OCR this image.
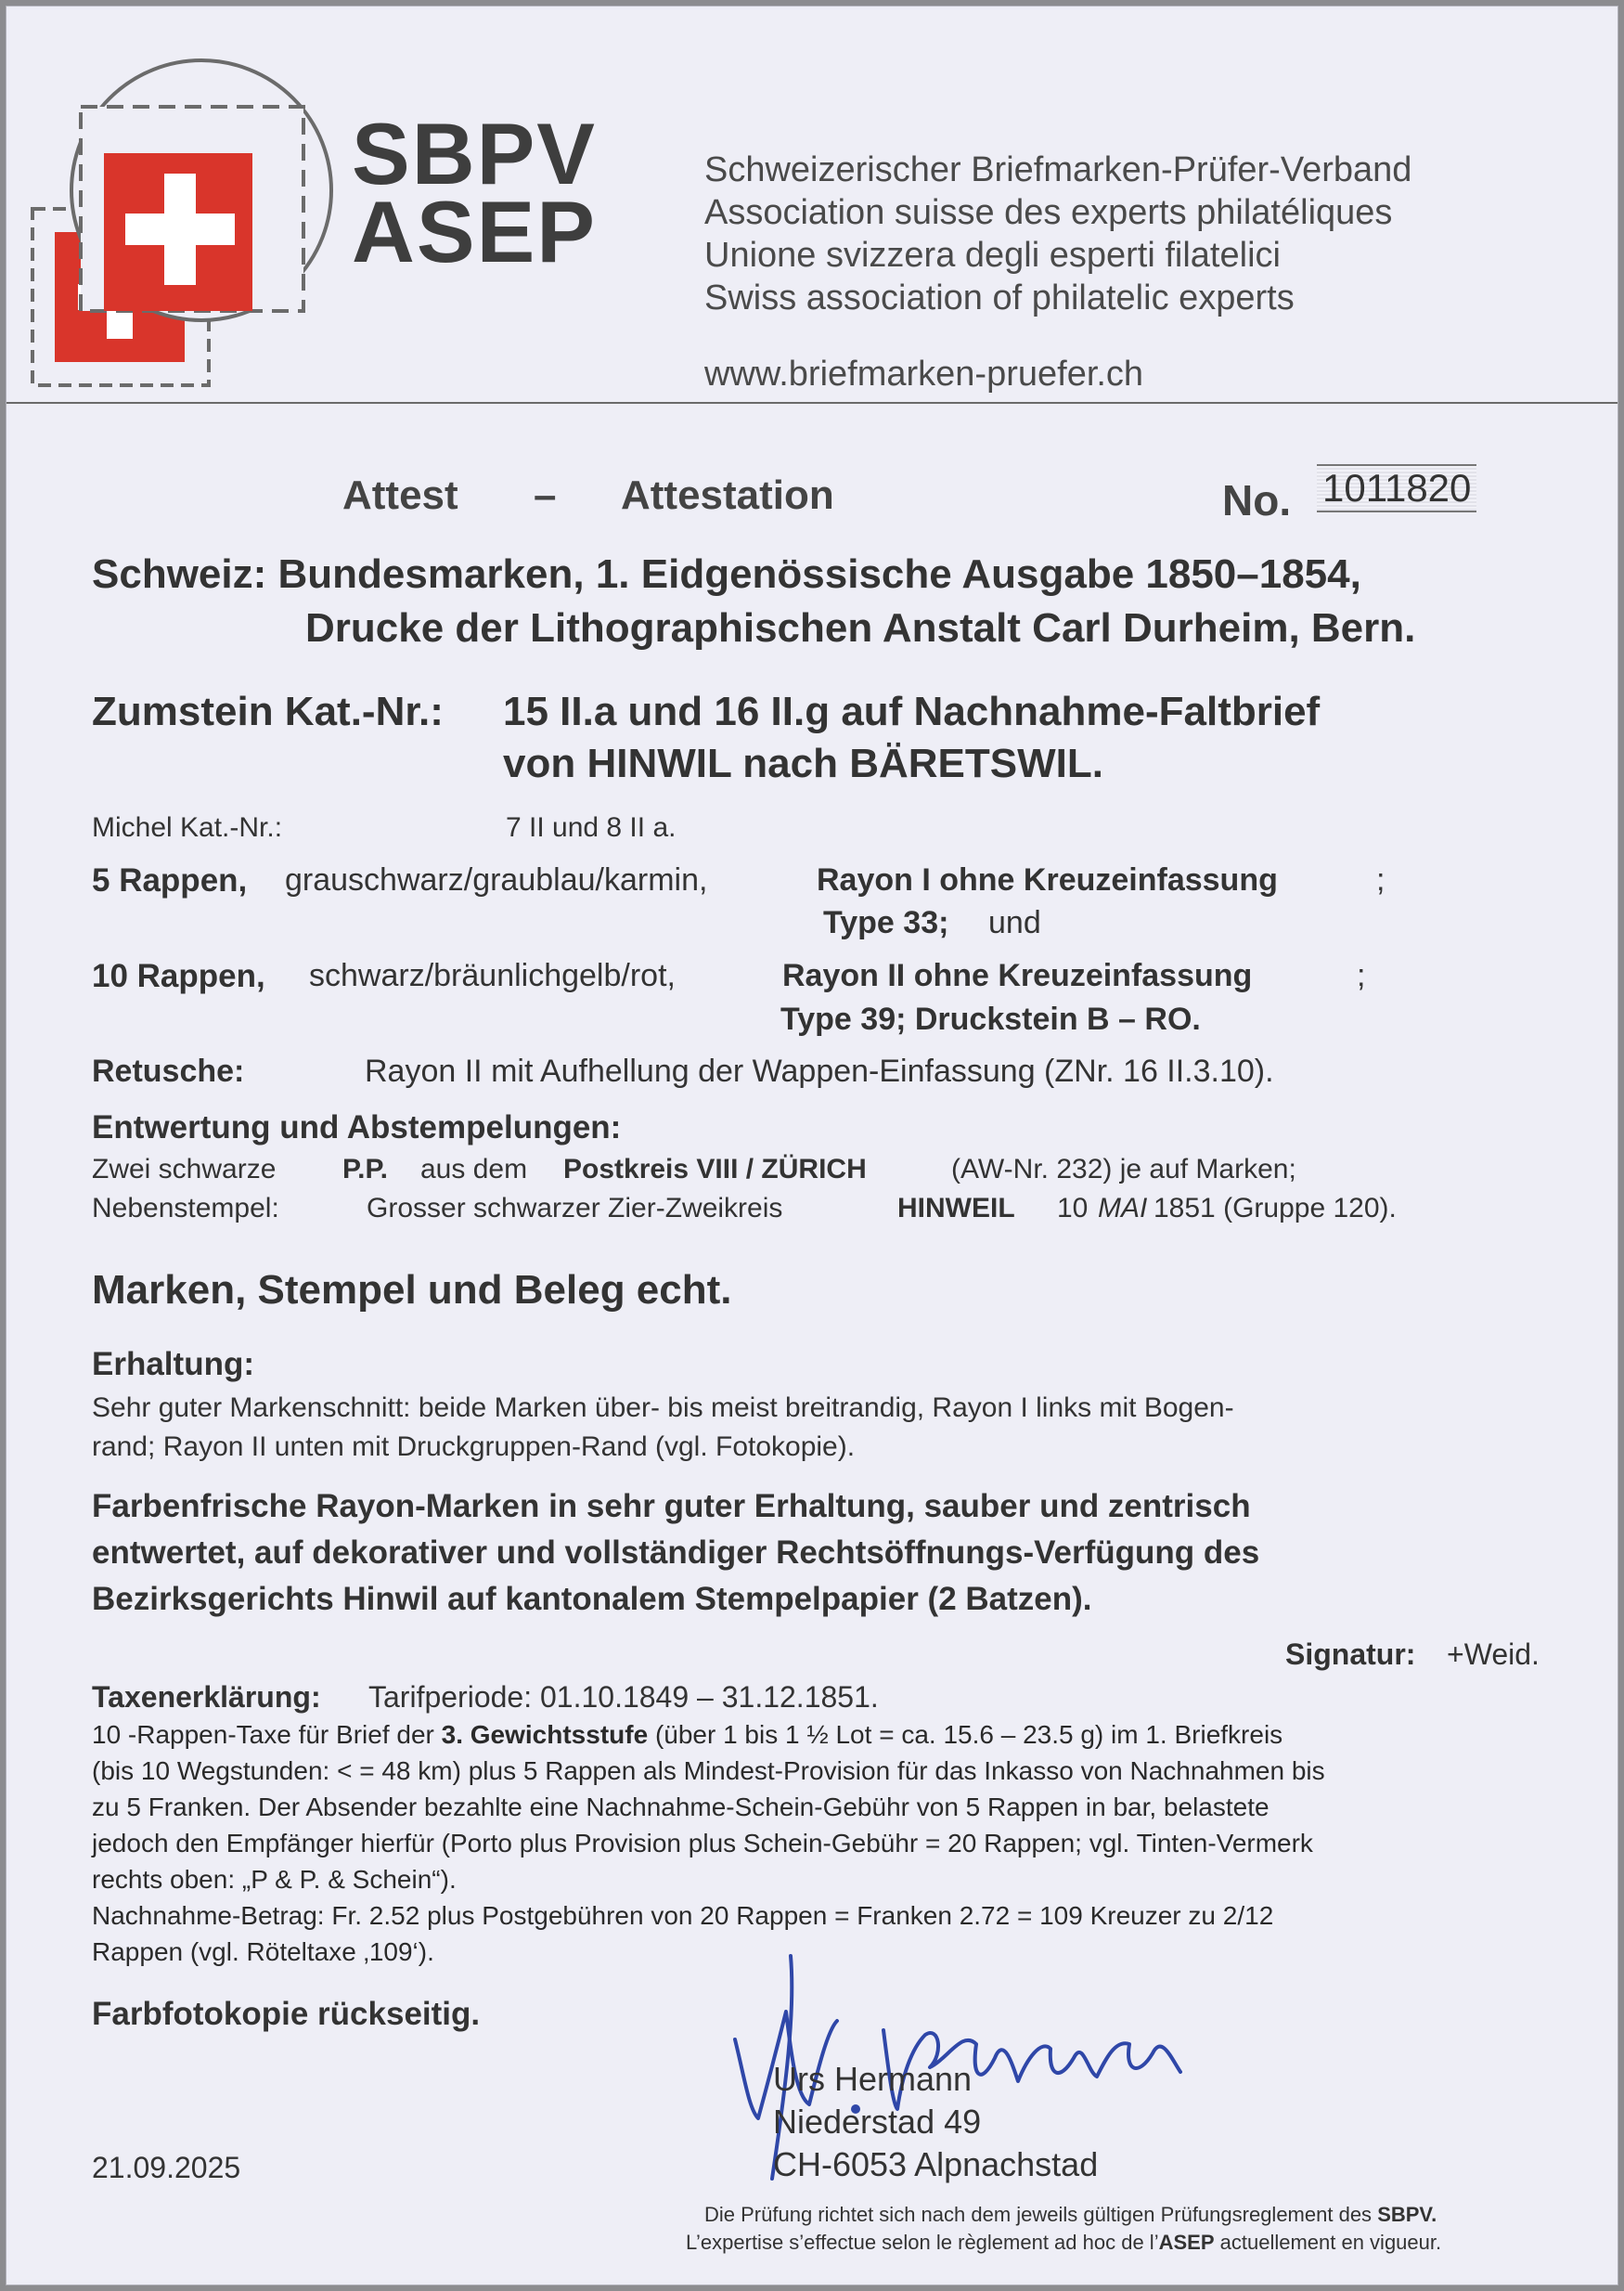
SBPV
ASEP
Schweizerischer Briefmarken-Prüfer-Verband
Association suisse des experts philatéliques
Unione svizzera degli esperti filatelici
Swiss association of philatelic experts
www.briefmarken-pruefer.ch
Attest – Attestation	No. 1011820
Schweiz: Bundesmarken, 1. Eidgenössische Ausgabe 1850–1854,
Drucke der Lithographischen Anstalt Carl Durheim, Bern.
Zumstein Kat.-Nr.: 15 II.a und 16 II.g auf Nachnahme-Faltbrief
von HINWIL nach BÄRETSWIL.
Michel Kat.-Nr.:	7 II und 8 II a.
5 Rappen, grauschwarz/graublau/karmin,	Rayon I ohne Kreuzeinfassung	;
Type 33; und
10 Rappen, schwarz/bräunlichgelb/rot,	Rayon II ohne Kreuzeinfassung	;
Type 39; Druckstein B – RO.
Retusche:	Rayon II mit Aufhellung der Wappen-Einfassung (ZNr. 16 II.3.10).
Entwertung und Abstempelungen:
Zwei schwarze P.P. aus dem Postkreis VIII / ZÜRICH	(AW-Nr. 232) je auf Marken;
Nebenstempel:	Grosser schwarzer Zier-Zweikreis	HINWEIL 10 MAI 1851 (Gruppe 120).
Marken, Stempel und Beleg echt.
Erhaltung:
Sehr guter Markenschnitt: beide Marken über- bis meist breitrandig, Rayon I links mit Bogen-
rand; Rayon II unten mit Druckgruppen-Rand (vgl. Fotokopie).
Farbenfrische Rayon-Marken in sehr guter Erhaltung, sauber und zentrisch
entwertet, auf dekorativer und vollständiger Rechtsöffnungs-Verfügung des
Bezirksgerichts Hinwil auf kantonalem Stempelpapier (2 Batzen).
Signatur: +Weid.
Taxenerklärung: Tarifperiode: 01.10.1849 – 31.12.1851.
10 -Rappen-Taxe für Brief der 3. Gewichtsstufe (über 1 bis 1 ½ Lot = ca. 15.6 – 23.5 g) im 1. Briefkreis
(bis 10 Wegstunden: < = 48 km) plus 5 Rappen als Mindest-Provision für das Inkasso von Nachnahmen bis
zu 5 Franken. Der Absender bezahlte eine Nachnahme-Schein-Gebühr von 5 Rappen in bar, belastete
jedoch den Empfänger hierfür (Porto plus Provision plus Schein-Gebühr = 20 Rappen; vgl. Tinten-Vermerk
rechts oben: „P & P. & Schein“).
Nachnahme-Betrag: Fr. 2.52 plus Postgebühren von 20 Rappen = Franken 2.72 = 109 Kreuzer zu 2/12
Rappen (vgl. Röteltaxe ‚109‘).
Farbfotokopie rückseitig.
Urs Hermann
Niederstad 49
CH-6053 Alpnachstad
21.09.2025
Die Prüfung richtet sich nach dem jeweils gültigen Prüfungsreglement des SBPV.
L’expertise s’effectue selon le règlement ad hoc de l’ASEP actuellement en vigueur.
